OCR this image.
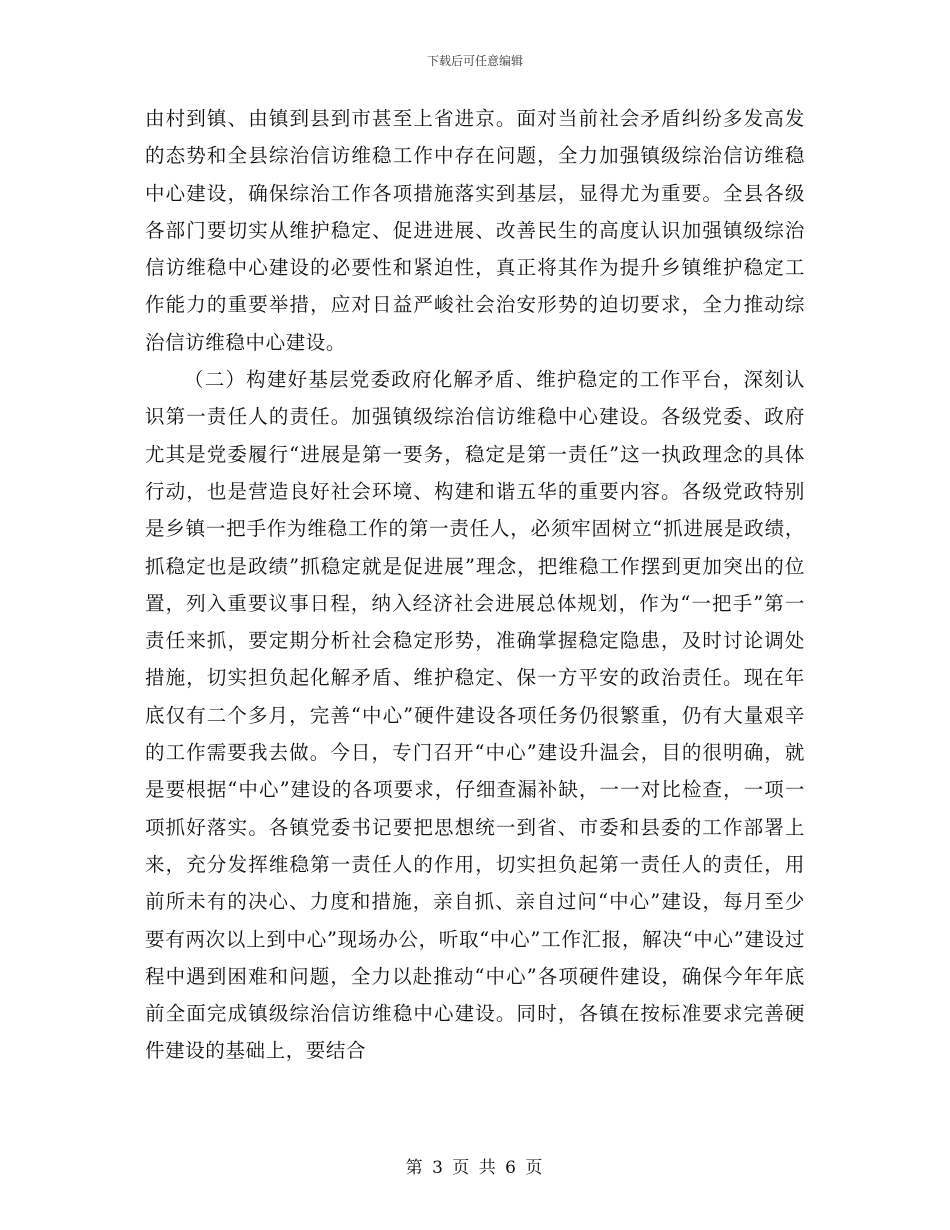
下载后可任意编辑

由村到镇、由镇到县到市甚至上省进京。面对当前社会矛盾纠纷多发高发的态势和全县综治信访维稳工作中存在问题，全力加强镇级综治信访维稳中心建设，确保综治工作各项措施落实到基层，显得尤为重要。全县各级各部门要切实从维护稳定、促进进展、改善民生的高度认识加强镇级综治信访维稳中心建设的必要性和紧迫性，真正将其作为提升乡镇维护稳定工作能力的重要举措，应对日益严峻社会治安形势的迫切要求，全力推动综治信访维稳中心建设。

（二）构建好基层党委政府化解矛盾、维护稳定的工作平台，深刻认识第一责任人的责任。加强镇级综治信访维稳中心建设。各级党委、政府尤其是党委履行“进展是第一要务，稳定是第一责任”这一执政理念的具体行动，也是营造良好社会环境、构建和谐五华的重要内容。各级党政特别是乡镇一把手作为维稳工作的第一责任人，必须牢固树立“抓进展是政绩，抓稳定也是政绩”抓稳定就是促进展”理念，把维稳工作摆到更加突出的位置，列入重要议事日程，纳入经济社会进展总体规划，作为“一把手”第一责任来抓，要定期分析社会稳定形势，准确掌握稳定隐患，及时讨论调处措施，切实担负起化解矛盾、维护稳定、保一方平安的政治责任。现在年底仅有二个多月，完善“中心”硬件建设各项任务仍很繁重，仍有大量艰辛的工作需要我去做。今日，专门召开“中心”建设升温会，目的很明确，就是要根据“中心”建设的各项要求，仔细查漏补缺，一一对比检查，一项一项抓好落实。各镇党委书记要把思想统一到省、市委和县委的工作部署上来，充分发挥维稳第一责任人的作用，切实担负起第一责任人的责任，用前所未有的决心、力度和措施，亲自抓、亲自过问“中心”建设，每月至少要有两次以上到中心”现场办公，听取“中心”工作汇报，解决“中心”建设过程中遇到困难和问题，全力以赴推动“中心”各项硬件建设，确保今年年底前全面完成镇级综治信访维稳中心建设。同时，各镇在按标准要求完善硬件建设的基础上，要结合

第 3 页 共 6 页
